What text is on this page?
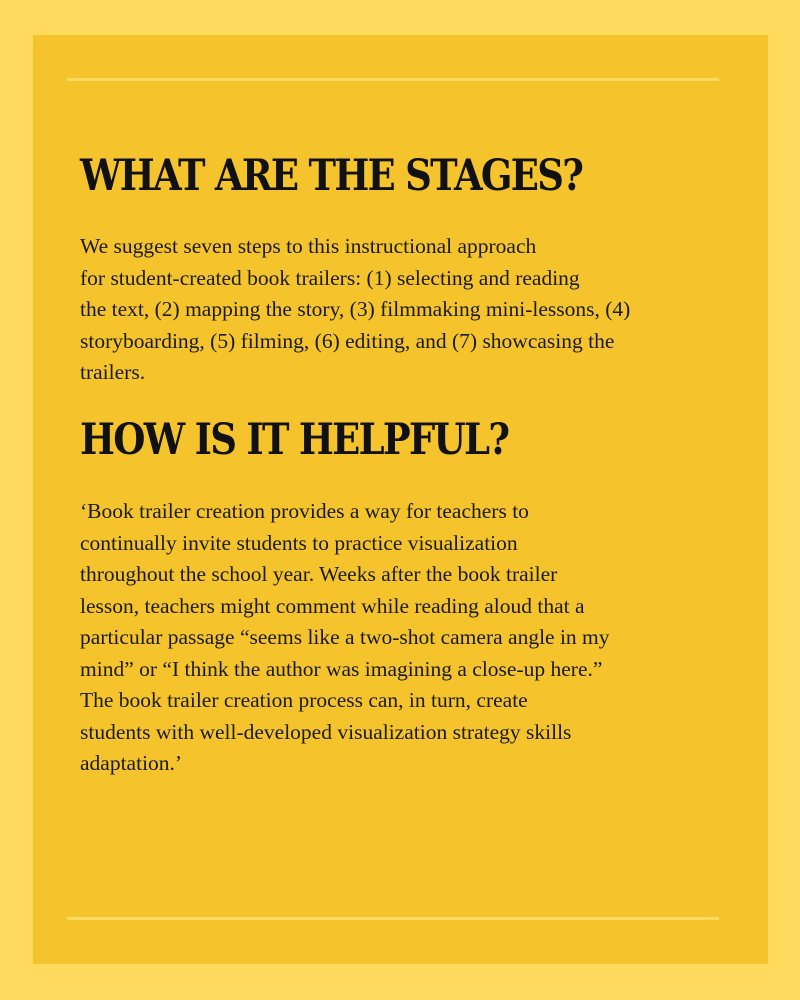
WHAT ARE THE STAGES?

We suggest seven steps to this instructional approach
for student-created book trailers: (1) selecting and reading
the text, (2) mapping the story, (3) filmmaking mini-lessons, (4)
storyboarding, (5) filming, (6) editing, and (7) showcasing the
trailers.

HOW IS IT HELPFUL?

‘Book trailer creation provides a way for teachers to
continually invite students to practice visualization
throughout the school year. Weeks after the book trailer
lesson, teachers might comment while reading aloud that a
particular passage “seems like a two-shot camera angle in my
mind” or “I think the author was imagining a close-up here.”
The book trailer creation process can, in turn, create
students with well-developed visualization strategy skills
adaptation.’
